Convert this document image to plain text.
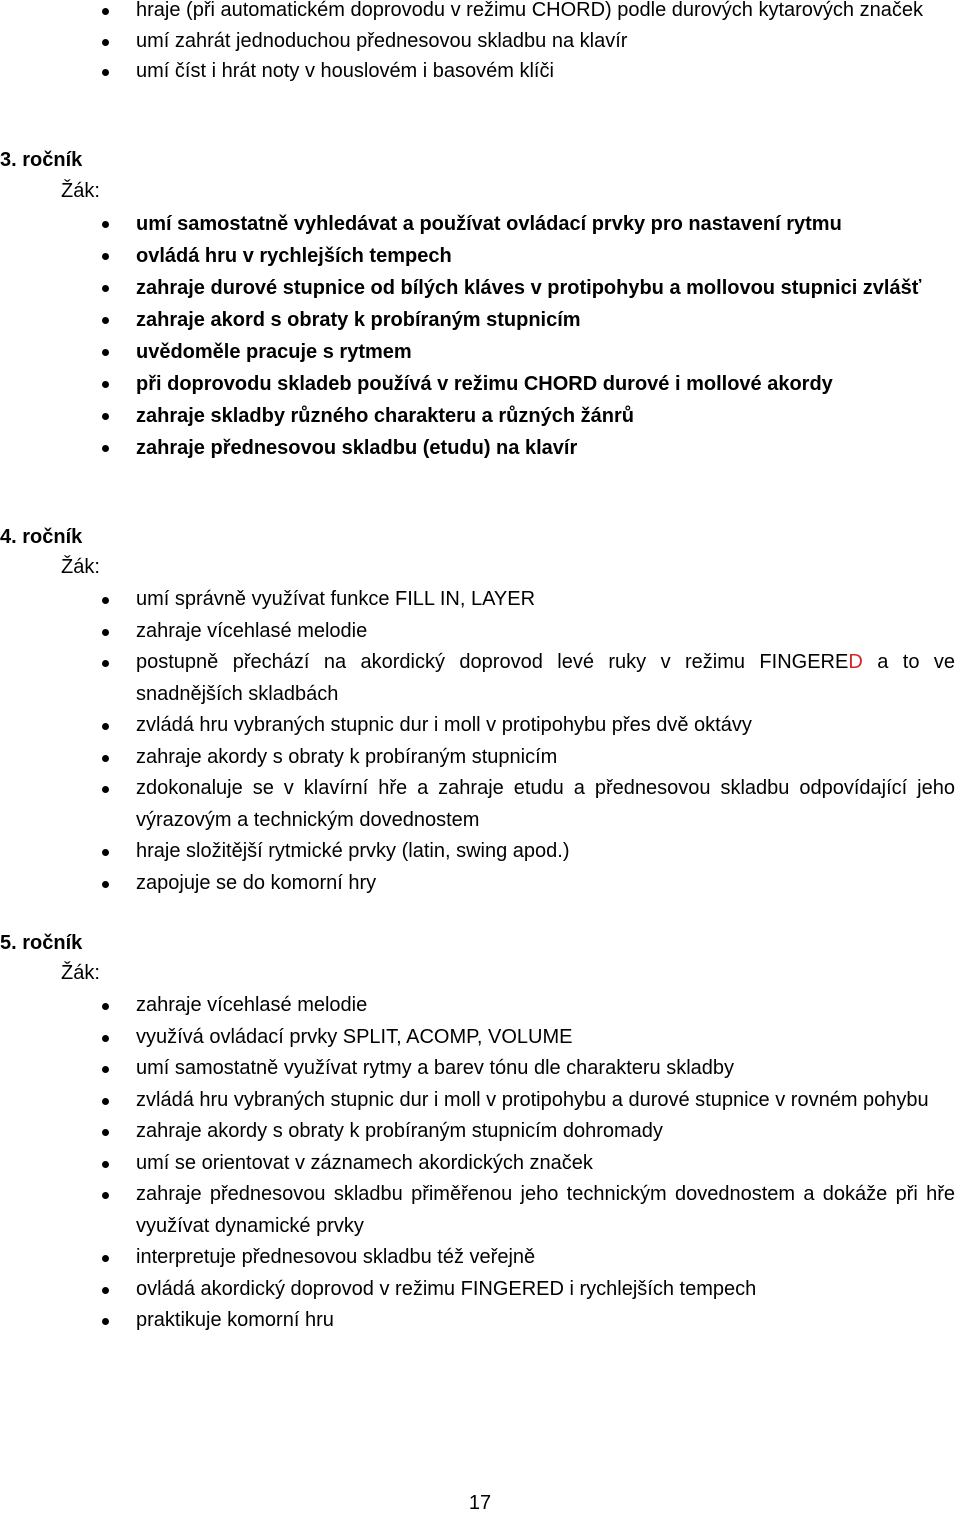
hraje (při automatickém doprovodu v režimu CHORD) podle durových kytarových značek
umí zahrát jednoduchou přednesovou skladbu na klavír
umí číst i hrát noty v houslovém i basovém klíči
3. ročník
Žák:
umí samostatně vyhledávat a používat ovládací prvky pro nastavení rytmu
ovládá hru v rychlejších tempech
zahraje durové stupnice od bílých kláves v protipohybu a mollovou stupnici zvlášť
zahraje akord s obraty k probíraným stupnicím
uvědoměle pracuje s rytmem
při doprovodu skladeb používá v režimu CHORD durové i mollové akordy
zahraje skladby různého charakteru a různých žánrů
zahraje přednesovou skladbu (etudu) na klavír
4. ročník
Žák:
umí správně využívat funkce FILL IN, LAYER
zahraje vícehlasé melodie
postupně přechází na akordický doprovod levé ruky v režimu FINGERED a to ve snadnějších skladbách
zvládá hru vybraných stupnic dur i moll v protipohybu přes dvě oktávy
zahraje akordy s obraty k probíraným stupnicím
zdokonaluje se v klavírní hře a zahraje etudu a přednesovou skladbu odpovídající jeho výrazovým a technickým dovednostem
hraje složitější rytmické prvky (latin, swing apod.)
zapojuje se do komorní hry
5. ročník
Žák:
zahraje vícehlasé melodie
využívá ovládací prvky SPLIT, ACOMP, VOLUME
umí samostatně využívat rytmy a barev tónu dle charakteru skladby
zvládá hru vybraných stupnic dur i moll v protipohybu a durové stupnice v rovném pohybu
zahraje akordy s obraty k probíraným stupnicím dohromady
umí se orientovat v záznamech akordických značek
zahraje přednesovou skladbu přiměřenou jeho technickým dovednostem a dokáže při hře využívat dynamické prvky
interpretuje přednesovou skladbu též veřejně
ovládá akordický doprovod v režimu FINGERED i rychlejších tempech
praktikuje komorní hru
17
